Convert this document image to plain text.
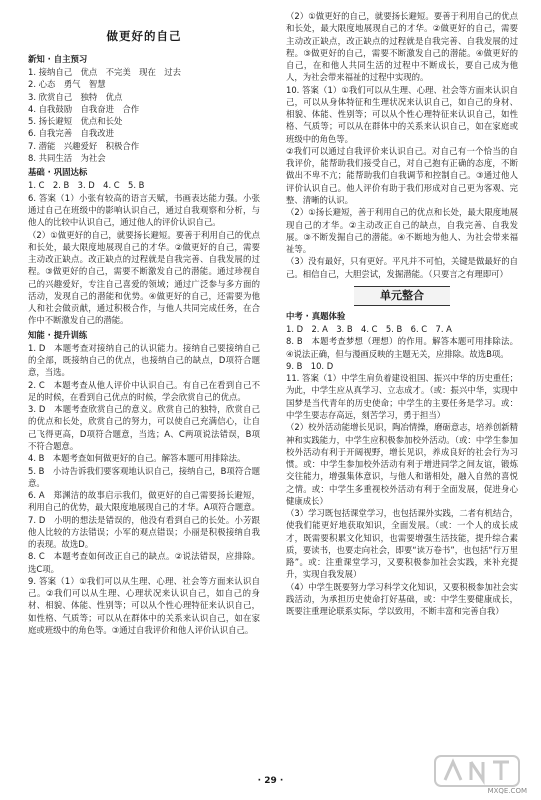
做更好的自己
新知 · 自主预习
1. 接纳自己　优点　不完美　现在　过去
2. 心态　勇气　智慧
3. 欣赏自己　独特　优点
4. 自我鼓励　自我奋进　合作
5. 扬长避短　优点和长处
6. 自我完善　自我改进
7. 潜能　兴趣爱好　积极合作
8. 共同生活　为社会
基础 · 巩固达标
1. C　2. B　3. D　4. C　5. B
6. 答案（1）小张有较高的语言天赋，书画表达能力强。小张通过自己在班级中的影响认识自己，通过自我观察和分析，与他人的比较中认识自己，通过他人的评价认识自己。
（2）①做更好的自己，就要扬长避短。要善于利用自己的优点和长处，最大限度地展现自己的才华。②做更好的自己，需要主动改正缺点。改正缺点的过程就是自我完善、自我发展的过程。③做更好的自己，需要不断激发自己的潜能。通过珍视自己的兴趣爱好，专注自己喜爱的领域；通过广泛参与多方面的活动，发现自己的潜能和优势。④做更好的自己，还需要为他人和社会做贡献，通过积极合作，与他人共同完成任务，在合作中不断激发自己的潜能。
知能 · 提升训练
1. D　本题考查对接纳自己的认识能力。接纳自己要接纳自己的全部，既接纳自己的优点，也接纳自己的缺点，D项符合题意，当选。
2. C　本题考查从他人评价中认识自己。有自己在看到自己不足的时候，在看到自己优点的时候，学会欣赏自己的优点。
3. D　本题考查欣赏自己的意义。欣赏自己的独特，欣赏自己的优点和长处，欣赏自己的努力，可以使自己充满信心，让自己飞得更高，D项符合题意，当选；A、C两项说法错误，B项不符合题意。
4. B　本题考查如何做更好的自己。解答本题可用排除法。
5. B　小诗告诉我们要客观地认识自己，接纳自己，B项符合题意。
6. A　郑渊洁的故事启示我们，做更好的自己需要扬长避短，利用自己的优势，最大限度地展现自己的才华。A项符合题意。
7. D　小明的想法是错误的，他没有看到自己的长处。小芳跟他人比较的方法错误；小军的观点错误；小丽是积极接纳自我的表现。故选D。
8. C　本题考查如何改正自己的缺点。②说法错误，应排除。选C项。
9. 答案（1）①我们可以从生理、心理、社会等方面来认识自己。②我们可以从生理、心理状况来认识自己，如自己的身材、相貌、体能、性别等；可以从个性心理特征来认识自己，如性格、气质等；可以从在群体中的关系来认识自己，如在家庭或班级中的角色等。③通过自我评价和他人评价认识自己。
（2）①做更好的自己，就要扬长避短。要善于利用自己的优点和长处，最大限度地展现自己的才华。②做更好的自己，需要主动改正缺点，改正缺点的过程就是自我完善、自我发展的过程。③做更好的自己，需要不断激发自己的潜能。④做更好的自己，在和他人共同生活的过程中不断成长，要自己成为他人，为社会带来福祉的过程中实现的。
10. 答案（1）①我们可以从生理、心理、社会等方面来认识自己，可以从身体特征和生理状况来认识自己，如自己的身材、相貌、体能、性别等；可以从个性心理特征来认识自己，如性格、气质等；可以从在群体中的关系来认识自己，如在家庭或班级中的角色等。
②我们可以通过自我评价来认识自己。对自己有一个恰当的自我评价，能帮助我们接受自己，对自己抱有正确的态度，不断做出不卑不亢；能帮助我们自我调节和控制自己。③通过他人评价认识自己。他人评价有助于我们形成对自己更为客观、完整、清晰的认识。
（2）①扬长避短，善于利用自己的优点和长处，最大限度地展现自己的才华。②主动改正自己的缺点，自我完善、自我发展。③不断发掘自己的潜能。④不断地为他人、为社会带来福祉等。
（3）没有最好，只有更好。平凡并不可怕，关键是做最好的自己。相信自己，大胆尝试，发掘潜能。（只要言之有理即可）
单元整合
中考 · 真题体验
1. D　2. A　3. B　4. C　5. B　6. C　7. A
8. B　本题考查梦想（理想）的作用。解答本题可用排除法。④说法正确，但与漫画反映的主题无关，应排除。故选B项。
9. B　10. D
11. 答案（1）中学生肩负着建设祖国、振兴中华的历史重任；为此，中学生应从真学习、立志成才。（或：振兴中华，实现中国梦是当代青年的历史使命；中学生的主要任务是学习。或：中学生要志存高远，刻苦学习，勇于担当）
（2）校外活动能增长见识，陶冶情操，磨砺意志，培养创新精神和实践能力，中学生应积极参加校外活动。（或：中学生参加校外活动有利于开阔视野，增长见识，养成良好的社会行为习惯。或：中学生参加校外活动有利于增进同学之间友谊，锻炼交往能力，增强集体意识，与他人和谐相处，融入自然的喜悦之情。或：中学生多重视校外活动有利于全面发展，促进身心健康成长）
（3）学习既包括课堂学习，也包括课外实践，二者有机结合，使我们能更好地获取知识，全面发展。（或：一个人的成长成才，既需要积累文化知识，也需要增强生活技能，提升综合素质，要读书，也要走向社会，即要“读万卷书”，也包括“行万里路”。或：注重课堂学习，又要积极参加社会实践，来补充提升，实现自我发展）
（4）中学生既要努力学习科学文化知识，又要积极参加社会实践活动，为承担历史使命打好基础，或：中学生要健康成长，既要注重理论联系实际，学以致用，不断丰富和完善自我）
· 29 ·
MXQE.COM
